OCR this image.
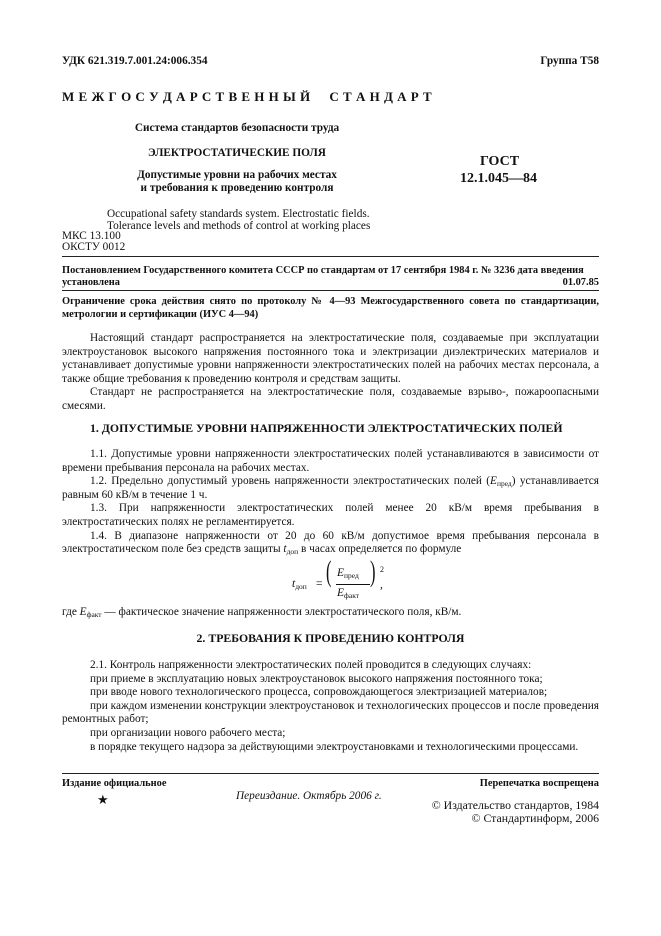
УДК 621.319.7.001.24:006.354	Группа Т58
М Е Ж Г О С У Д А Р С Т В Е Н Н Ы Й     С Т А Н Д А Р Т
Система стандартов безопасности труда
ЭЛЕКТРОСТАТИЧЕСКИЕ ПОЛЯ
Допустимые уровни на рабочих местах
и требования к проведению контроля
ГОСТ
12.1.045—84
Occupational safety standards system. Electrostatic fields.
Tolerance levels and methods of control at working places
МКС 13.100
ОКСТУ 0012
Постановлением Государственного комитета СССР по стандартам от 17 сентября 1984 г. № 3236 дата введения
установлена	01.07.85
Ограничение срока действия снято по протоколу № 4—93 Межгосударственного совета по стандартизации, метрологии и сертификации (ИУС 4—94)

Настоящий стандарт распространяется на электростатические поля, создаваемые при эксплуатации электроустановок высокого напряжения постоянного тока и электризации диэлектрических материалов и устанавливает допустимые уровни напряженности электростатических полей на рабочих местах персонала, а также общие требования к проведению контроля и средствам защиты.

Стандарт не распространяется на электростатические поля, создаваемые взрыво-, пожароопасными смесями.

1. ДОПУСТИМЫЕ УРОВНИ НАПРЯЖЕННОСТИ ЭЛЕКТРОСТАТИЧЕСКИХ ПОЛЕЙ

1.1. Допустимые уровни напряженности электростатических полей устанавливаются в зависимости от времени пребывания персонала на рабочих местах.

1.2. Предельно допустимый уровень напряженности электростатических полей (Eпред) устанавливается равным 60 кВ/м в течение 1 ч.

1.3. При напряженности электростатических полей менее 20 кВ/м время пребывания в электростатических полях не регламентируется.

1.4. В диапазоне напряженности от 20 до 60 кВ/м допустимое время пребывания персонала в электростатическом поле без средств защиты tдоп в часах определяется по формуле

tдоп = ( Eпред
Eфакт
) 2
,
где Eфакт — фактическое значение напряженности электростатического поля, кВ/м.
2. ТРЕБОВАНИЯ К ПРОВЕДЕНИЮ КОНТРОЛЯ

2.1. Контроль напряженности электростатических полей проводится в следующих случаях:

при приеме в эксплуатацию новых электроустановок высокого напряжения постоянного тока;

при вводе нового технологического процесса, сопровождающегося электризацией материалов;

при каждом изменении конструкции электроустановок и технологических процессов и после проведения ремонтных работ;

при организации нового рабочего места;

в порядке текущего надзора за действующими электроустановками и технологическими процессами.

Издание официальное	Перепечатка воспрещена
★	Переиздание. Октябрь 2006 г.
© Издательство стандартов, 1984
© Стандартинформ, 2006
